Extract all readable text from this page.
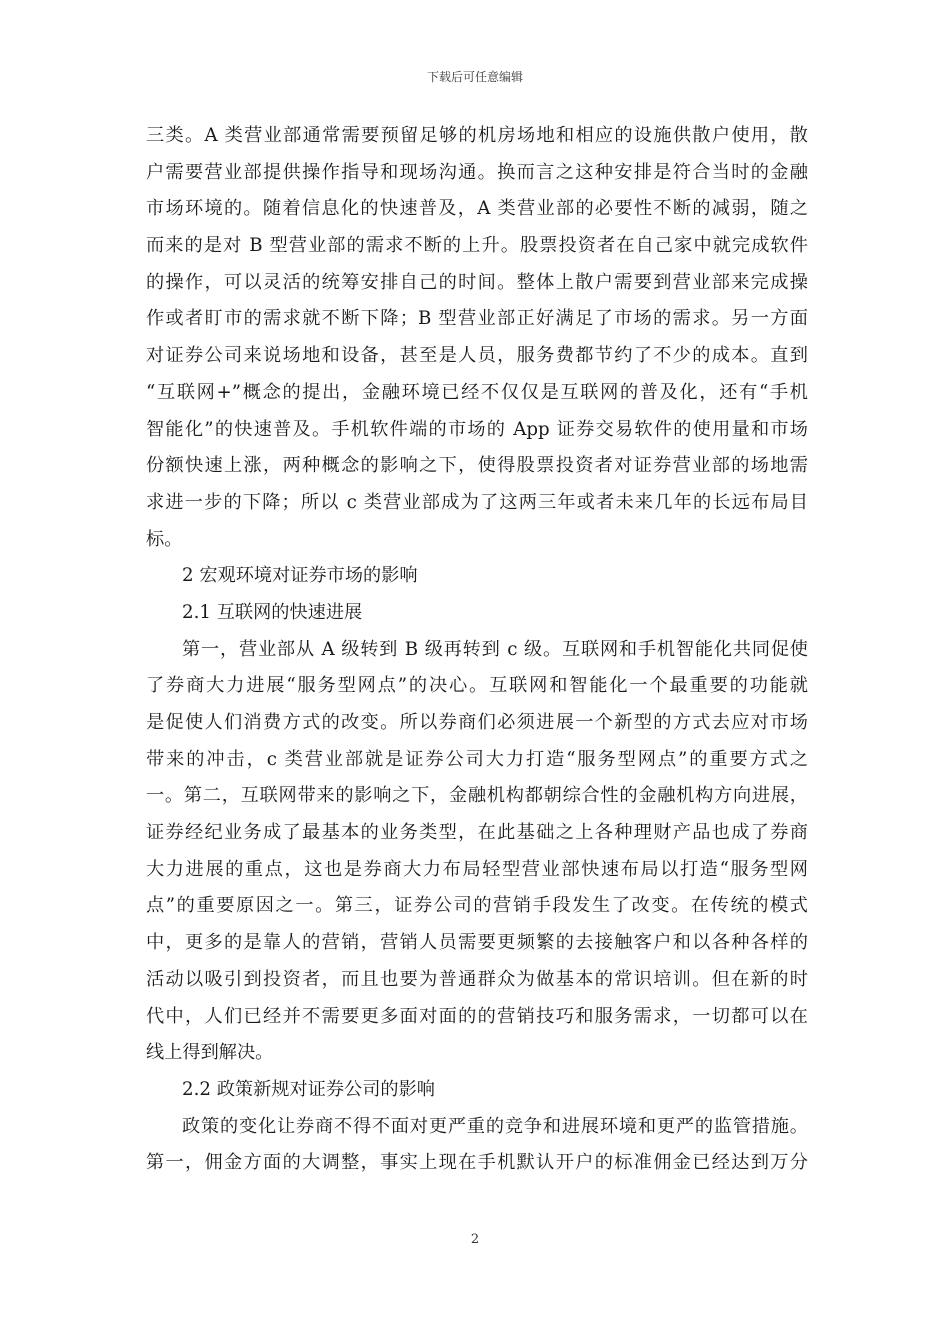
下载后可任意编辑
三类。A 类营业部通常需要预留足够的机房场地和相应的设施供散户使用，散
户需要营业部提供操作指导和现场沟通。换而言之这种安排是符合当时的金融
市场环境的。随着信息化的快速普及，A 类营业部的必要性不断的减弱，随之
而来的是对 B 型营业部的需求不断的上升。股票投资者在自己家中就完成软件
的操作，可以灵活的统筹安排自己的时间。整体上散户需要到营业部来完成操
作或者盯市的需求就不断下降；B 型营业部正好满足了市场的需求。另一方面
对证券公司来说场地和设备，甚至是人员，服务费都节约了不少的成本。直到
“互联网+”概念的提出，金融环境已经不仅仅是互联网的普及化，还有“手机
智能化”的快速普及。手机软件端的市场的 App 证券交易软件的使用量和市场
份额快速上涨，两种概念的影响之下，使得股票投资者对证券营业部的场地需
求进一步的下降；所以 c 类营业部成为了这两三年或者未来几年的长远布局目
标。
2 宏观环境对证券市场的影响
2.1 互联网的快速进展
第一，营业部从 A 级转到 B 级再转到 c 级。互联网和手机智能化共同促使
了券商大力进展“服务型网点”的决心。互联网和智能化一个最重要的功能就
是促使人们消费方式的改变。所以券商们必须进展一个新型的方式去应对市场
带来的冲击，c 类营业部就是证券公司大力打造“服务型网点”的重要方式之
一。第二，互联网带来的影响之下，金融机构都朝综合性的金融机构方向进展，
证券经纪业务成了最基本的业务类型，在此基础之上各种理财产品也成了券商
大力进展的重点，这也是券商大力布局轻型营业部快速布局以打造“服务型网
点”的重要原因之一。第三，证券公司的营销手段发生了改变。在传统的模式
中，更多的是靠人的营销，营销人员需要更频繁的去接触客户和以各种各样的
活动以吸引到投资者，而且也要为普通群众为做基本的常识培训。但在新的时
代中，人们已经并不需要更多面对面的的营销技巧和服务需求，一切都可以在
线上得到解决。
2.2 政策新规对证券公司的影响
政策的变化让券商不得不面对更严重的竞争和进展环境和更严的监管措施。
第一，佣金方面的大调整，事实上现在手机默认开户的标准佣金已经达到万分
2
